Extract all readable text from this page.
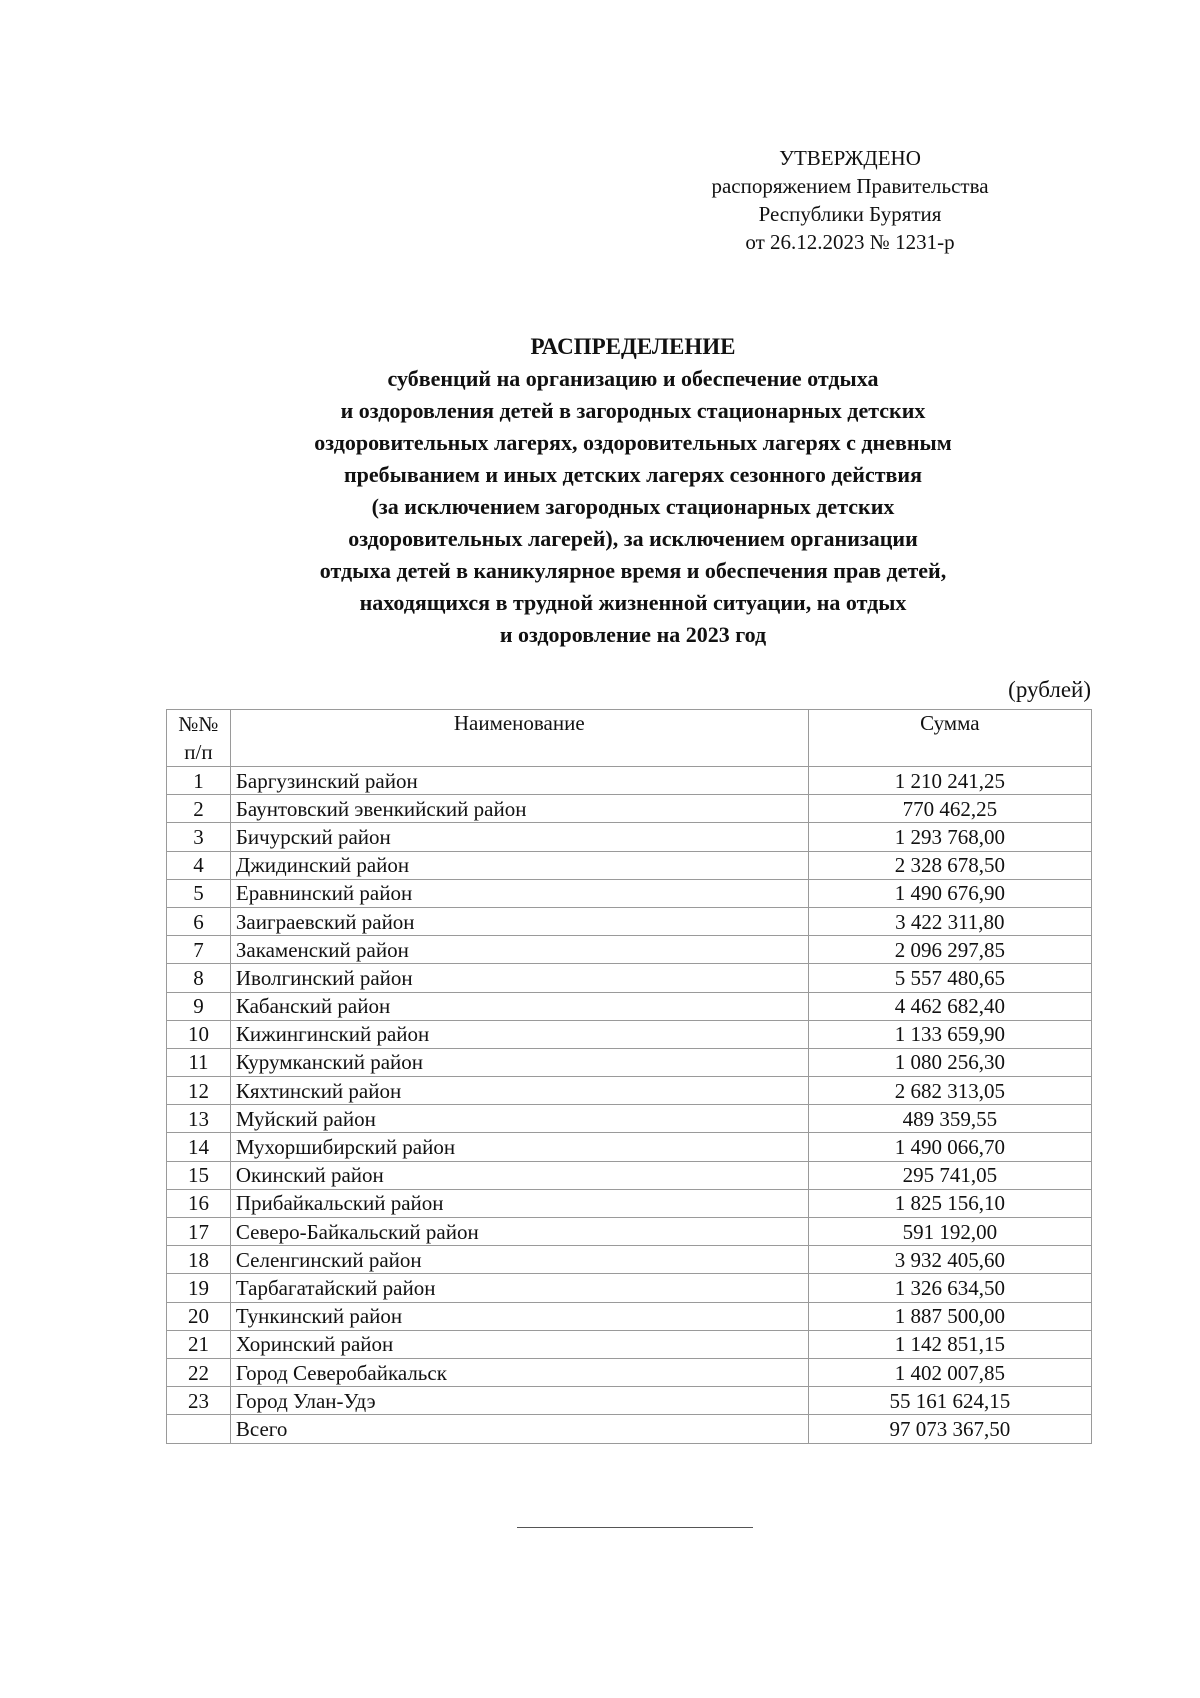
УТВЕРЖДЕНО
распоряжением Правительства
Республики Бурятия
от 26.12.2023 № 1231-р
РАСПРЕДЕЛЕНИЕ
субвенций на организацию и обеспечение отдыха
и оздоровления детей в загородных стационарных детских
оздоровительных лагерях, оздоровительных лагерях с дневным
пребыванием и иных детских лагерях сезонного действия
(за исключением загородных стационарных детских
оздоровительных лагерей), за исключением организации
отдыха детей в каникулярное время и обеспечения прав детей,
находящихся в трудной жизненной ситуации, на отдых
и оздоровление на 2023 год
(рублей)
№№
п/п	Наименование	Сумма
1	Баргузинский район	1 210 241,25
2	Баунтовский эвенкийский район	770 462,25
3	Бичурский район	1 293 768,00
4	Джидинский район	2 328 678,50
5	Еравнинский район	1 490 676,90
6	Заиграевский район	3 422 311,80
7	Закаменский район	2 096 297,85
8	Иволгинский район	5 557 480,65
9	Кабанский район	4 462 682,40
10	Кижингинский район	1 133 659,90
11	Курумканский район	1 080 256,30
12	Кяхтинский район	2 682 313,05
13	Муйский район	489 359,55
14	Мухоршибирский район	1 490 066,70
15	Окинский район	295 741,05
16	Прибайкальский район	1 825 156,10
17	Северо-Байкальский район	591 192,00
18	Селенгинский район	3 932 405,60
19	Тарбагатайский район	1 326 634,50
20	Тункинский район	1 887 500,00
21	Хоринский район	1 142 851,15
22	Город Северобайкальск	1 402 007,85
23	Город Улан-Удэ	55 161 624,15
	Всего	97 073 367,50
